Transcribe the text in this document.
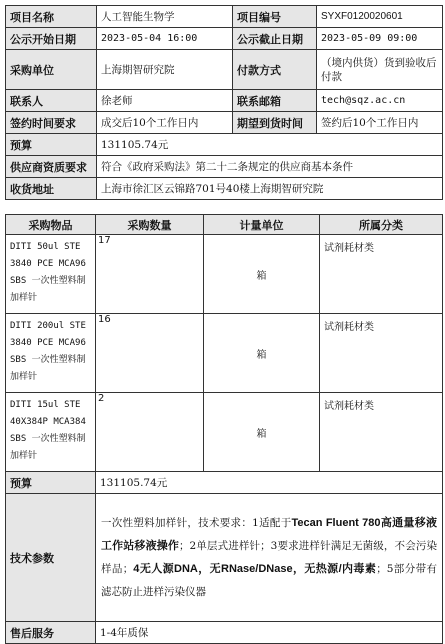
项目名称	人工智能生物学	项目编号	SYXF0120020601
公示开始日期	2023-05-04 16:00	公示截止日期	2023-05-09 09:00
采购单位	上海期智研究院	付款方式	（境内供货）货到验收后付款
联系人	徐老师	联系邮箱	tech@sqz.ac.cn
签约时间要求	成交后10个工作日内	期望到货时间	签约后10个工作日内
预算	131105.74元		
供应商资质要求	符合《政府采购法》第二十二条规定的供应商基本条件		
收货地址	上海市徐汇区云锦路701号40楼上海期智研究院		
采购物品	采购数量	计量单位	所属分类
DITI 50ul STE 3840 PCE MCA96 SBS 一次性塑料制加样针	17	箱	试剂耗材类
DITI 200ul STE 3840 PCE MCA96 SBS 一次性塑料制加样针	16	箱	试剂耗材类
DITI 15ul STE 40X384P MCA384 SBS 一次性塑料制加样针	2	箱	试剂耗材类
预算	131105.74元		
技术参数	一次性塑料加样针，技术要求：1适配于Tecan Fluent 780高通量移液工作站移液操作；2单层式进样针；3要求进样针满足无菌级，不会污染样品；4无人源DNA，无RNase/DNase，无热源/内毒素；5部分带有滤芯防止进样污染仪器		
售后服务	1-4年质保		
